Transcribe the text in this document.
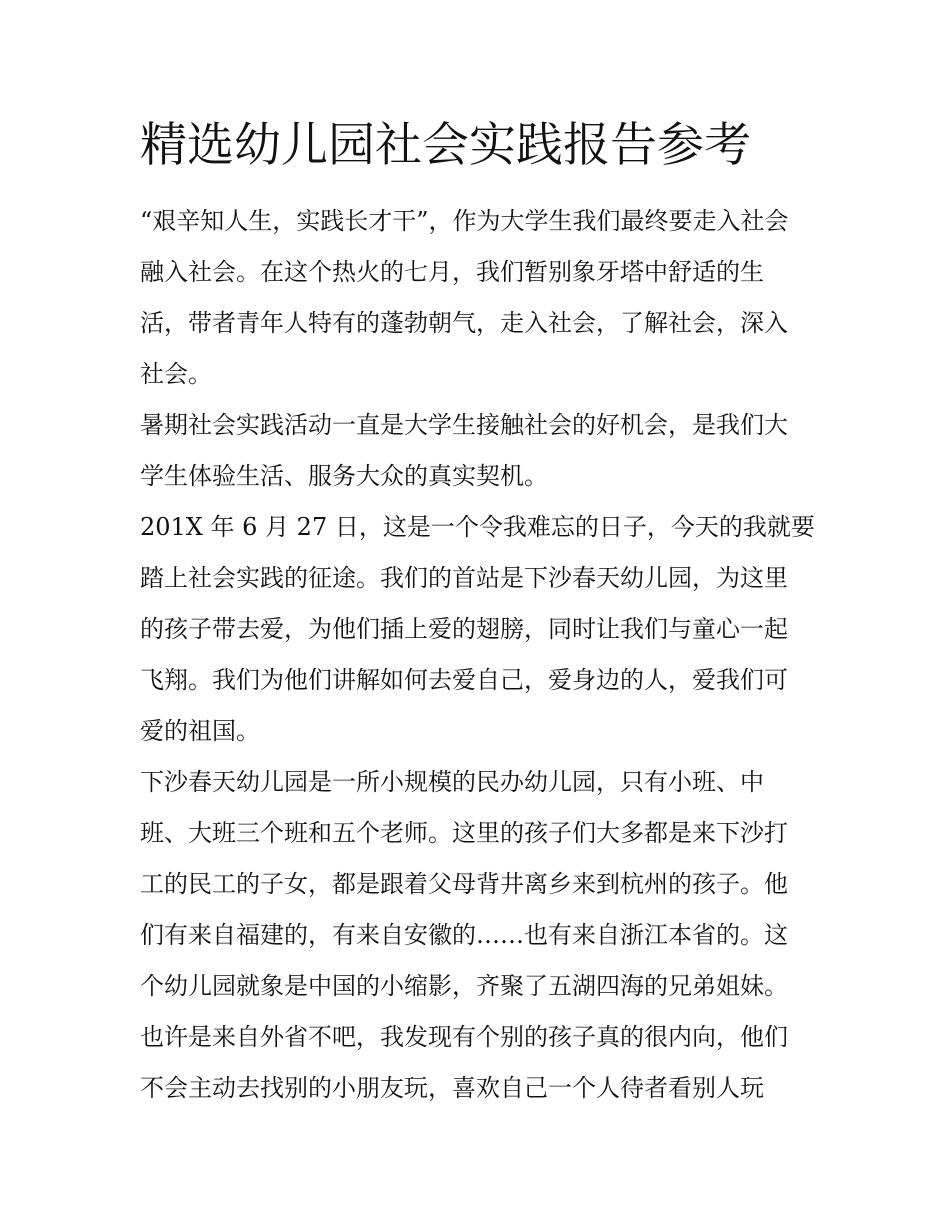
精选幼儿园社会实践报告参考
“艰辛知人生，实践长才干”，作为大学生我们最终要走入社会
融入社会。在这个热火的七月，我们暂别象牙塔中舒适的生
活，带者青年人特有的蓬勃朝气，走入社会，了解社会，深入
社会。
暑期社会实践活动一直是大学生接触社会的好机会，是我们大
学生体验生活、服务大众的真实契机。
201X 年 6 月 27 日，这是一个令我难忘的日子，今天的我就要
踏上社会实践的征途。我们的首站是下沙春天幼儿园，为这里
的孩子带去爱，为他们插上爱的翅膀，同时让我们与童心一起
飞翔。我们为他们讲解如何去爱自己，爱身边的人，爱我们可
爱的祖国。
下沙春天幼儿园是一所小规模的民办幼儿园，只有小班、中
班、大班三个班和五个老师。这里的孩子们大多都是来下沙打
工的民工的子女，都是跟着父母背井离乡来到杭州的孩子。他
们有来自福建的，有来自安徽的……也有来自浙江本省的。这
个幼儿园就象是中国的小缩影，齐聚了五湖四海的兄弟姐妹。
也许是来自外省不吧，我发现有个别的孩子真的很内向，他们
不会主动去找别的小朋友玩，喜欢自己一个人待者看别人玩
